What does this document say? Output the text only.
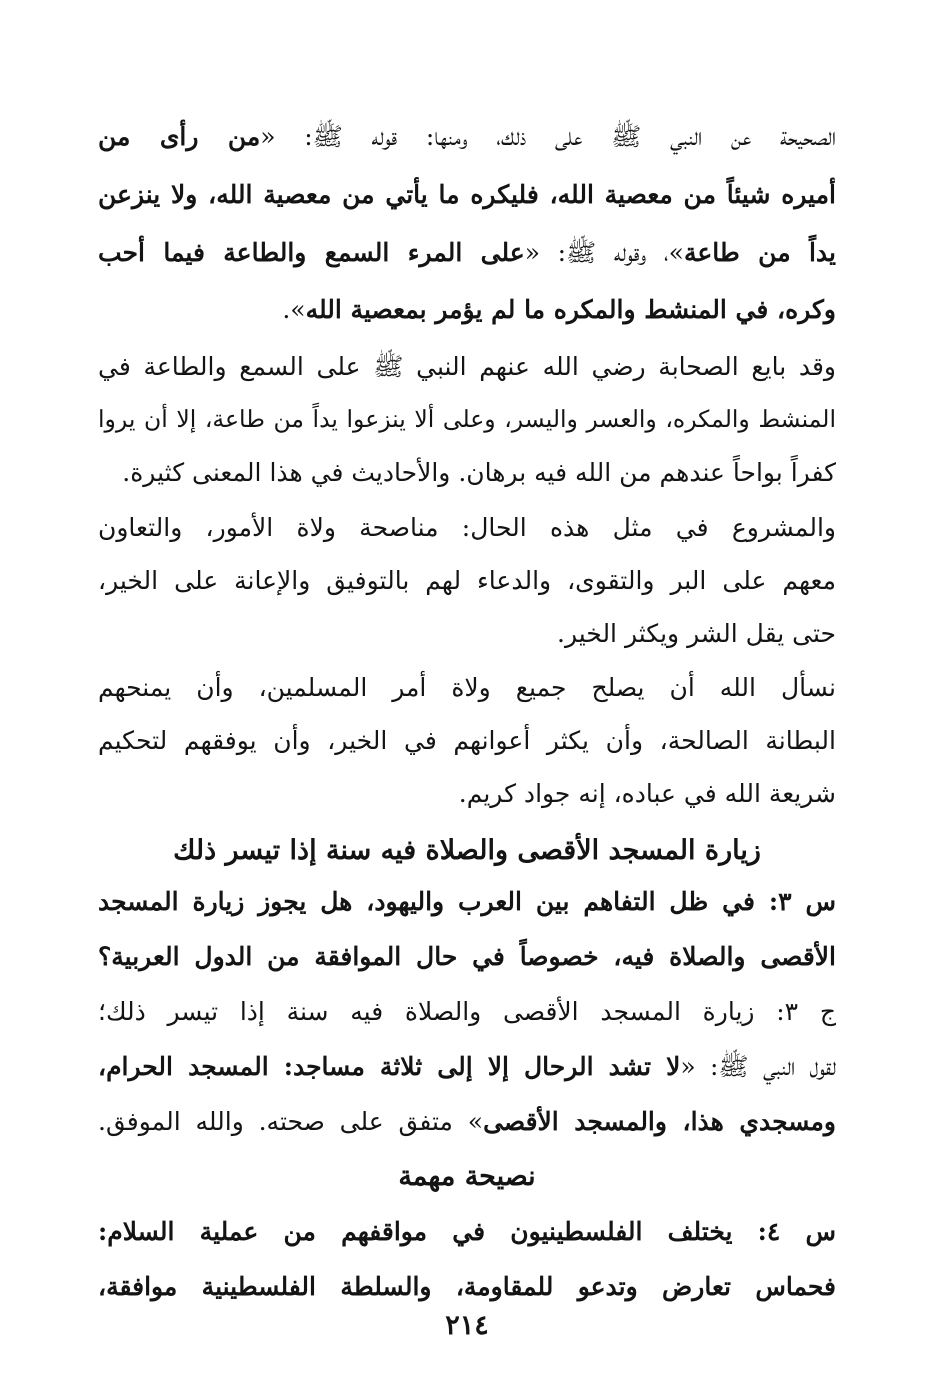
الصحيحة عن النبي ﷺ على ذلك، ومنها: قوله ﷺ: «من رأى من

أميره شيئاً من معصية الله، فليكره ما يأتي من معصية الله، ولا ينزعن

يداً من طاعة»، وقوله ﷺ: «على المرء السمع والطاعة فيما أحب

وكره، في المنشط والمكره ما لم يؤمر بمعصية الله».

وقد بايع الصحابة رضي الله عنهم النبي ﷺ على السمع والطاعة في

المنشط والمكره، والعسر واليسر، وعلى ألا ينزعوا يداً من طاعة، إلا أن يروا

كفراً بواحاً عندهم من الله فيه برهان. والأحاديث في هذا المعنى كثيرة.

والمشروع في مثل هذه الحال: مناصحة ولاة الأمور، والتعاون

معهم على البر والتقوى، والدعاء لهم بالتوفيق والإعانة على الخير،

حتى يقل الشر ويكثر الخير.

نسأل الله أن يصلح جميع ولاة أمر المسلمين، وأن يمنحهم

البطانة الصالحة، وأن يكثر أعوانهم في الخير، وأن يوفقهم لتحكيم

شريعة الله في عباده، إنه جواد كريم.

زيارة المسجد الأقصى والصلاة فيه سنة إذا تيسر ذلك

س ٣: في ظل التفاهم بين العرب واليهود، هل يجوز زيارة المسجد

الأقصى والصلاة فيه، خصوصاً في حال الموافقة من الدول العربية؟

ج ٣: زيارة المسجد الأقصى والصلاة فيه سنة إذا تيسر ذلك؛

لقول النبي ﷺ: «لا تشد الرحال إلا إلى ثلاثة مساجد: المسجد الحرام،

ومسجدي هذا، والمسجد الأقصى» متفق على صحته. والله الموفق.

نصيحة مهمة

س ٤: يختلف الفلسطينيون في مواقفهم من عملية السلام:

فحماس تعارض وتدعو للمقاومة، والسلطة الفلسطينية موافقة،

٢١٤
